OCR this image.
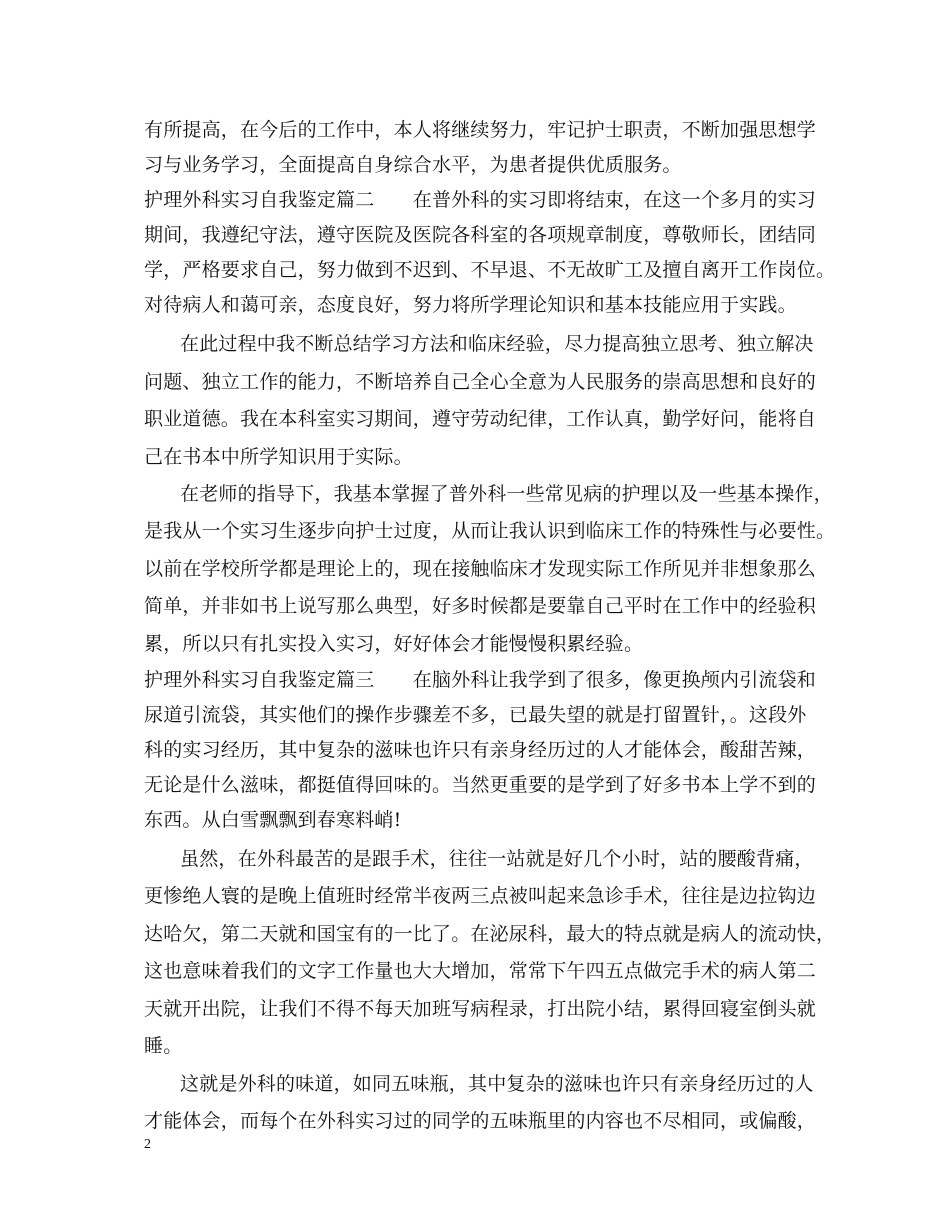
有所提高，在今后的工作中，本人将继续努力，牢记护士职责，不断加强思想学
习与业务学习，全面提高自身综合水平，为患者提供优质服务。
护理外科实习自我鉴定篇二　　在普外科的实习即将结束，在这一个多月的实习
期间，我遵纪守法，遵守医院及医院各科室的各项规章制度，尊敬师长，团结同
学，严格要求自己，努力做到不迟到、不早退、不无故旷工及擅自离开工作岗位。
对待病人和蔼可亲，态度良好，努力将所学理论知识和基本技能应用于实践。
在此过程中我不断总结学习方法和临床经验，尽力提高独立思考、独立解决
问题、独立工作的能力，不断培养自己全心全意为人民服务的崇高思想和良好的
职业道德。我在本科室实习期间，遵守劳动纪律，工作认真，勤学好问，能将自
己在书本中所学知识用于实际。
在老师的指导下，我基本掌握了普外科一些常见病的护理以及一些基本操作，
是我从一个实习生逐步向护士过度，从而让我认识到临床工作的特殊性与必要性。
以前在学校所学都是理论上的，现在接触临床才发现实际工作所见并非想象那么
简单，并非如书上说写那么典型，好多时候都是要靠自己平时在工作中的经验积
累，所以只有扎实投入实习，好好体会才能慢慢积累经验。
护理外科实习自我鉴定篇三　　在脑外科让我学到了很多，像更换颅内引流袋和
尿道引流袋，其实他们的操作步骤差不多，已最失望的就是打留置针，。这段外
科的实习经历，其中复杂的滋味也许只有亲身经历过的人才能体会，酸甜苦辣，
无论是什么滋味，都挺值得回味的。当然更重要的是学到了好多书本上学不到的
东西。从白雪飘飘到春寒料峭!
虽然，在外科最苦的是跟手术，往往一站就是好几个小时，站的腰酸背痛，
更惨绝人寰的是晚上值班时经常半夜两三点被叫起来急诊手术，往往是边拉钩边
达哈欠，第二天就和国宝有的一比了。在泌尿科，最大的特点就是病人的流动快，
这也意味着我们的文字工作量也大大增加，常常下午四五点做完手术的病人第二
天就开出院，让我们不得不每天加班写病程录，打出院小结，累得回寝室倒头就
睡。
这就是外科的味道，如同五味瓶，其中复杂的滋味也许只有亲身经历过的人
才能体会，而每个在外科实习过的同学的五味瓶里的内容也不尽相同，或偏酸，
2
